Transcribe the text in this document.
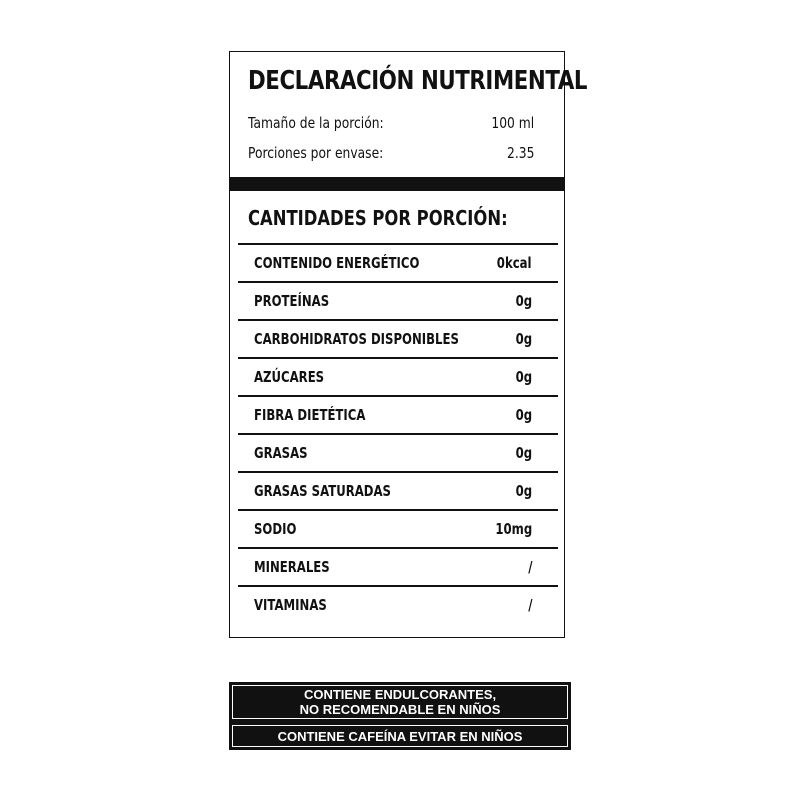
DECLARACIÓN NUTRIMENTAL
Tamaño de la porción:	100 ml
Porciones por envase:	2.35
CANTIDADES POR PORCIÓN:
CONTENIDO ENERGÉTICO	0kcal
PROTEÍNAS	0g
CARBOHIDRATOS DISPONIBLES	0g
AZÚCARES	0g
FIBRA DIETÉTICA	0g
GRASAS	0g
GRASAS SATURADAS	0g
SODIO	10mg
MINERALES	/
VITAMINAS	/
CONTIENE ENDULCORANTES,
NO RECOMENDABLE EN NIÑOS
CONTIENE CAFEÍNA EVITAR EN NIÑOS
